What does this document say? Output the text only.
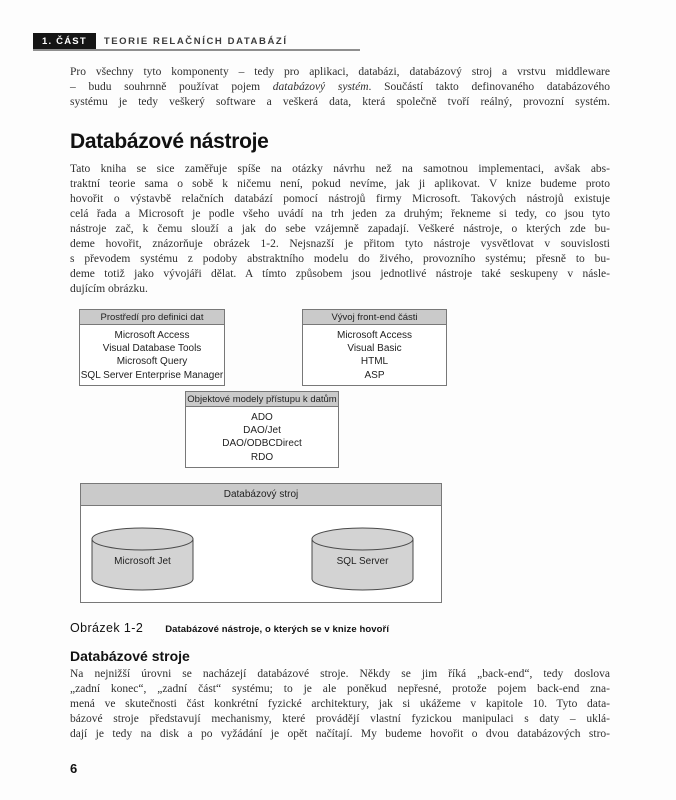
1. ČÁST	TEORIE RELAČNÍCH DATABÁZÍ
Pro všechny tyto komponenty – tedy pro aplikaci, databázi, databázový stroj a vrstvu middleware
– budu souhrnně používat pojem databázový systém. Součástí takto definovaného databázového
systému je tedy veškerý software a veškerá data, která společně tvoří reálný, provozní systém.
Databázové nástroje
Tato kniha se sice zaměřuje spíše na otázky návrhu než na samotnou implementaci, avšak abs-
traktní teorie sama o sobě k ničemu není, pokud nevíme, jak ji aplikovat. V knize budeme proto
hovořit o výstavbě relačních databází pomocí nástrojů firmy Microsoft. Takových nástrojů existuje
celá řada a Microsoft je podle všeho uvádí na trh jeden za druhým; řekneme si tedy, co jsou tyto
nástroje zač, k čemu slouží a jak do sebe vzájemně zapadají. Veškeré nástroje, o kterých zde bu-
deme hovořit, znázorňuje obrázek 1-2. Nejsnazší je přitom tyto nástroje vysvětlovat v souvislosti
s převodem systému z podoby abstraktního modelu do živého, provozního systému; přesně to bu-
deme totiž jako vývojáři dělat. A tímto způsobem jsou jednotlivé nástroje také seskupeny v násle-
dujícím obrázku.
Prostředí pro definici dat
Microsoft Access
Visual Database Tools
Microsoft Query
SQL Server Enterprise Manager
Vývoj front-end části
Microsoft Access
Visual Basic
HTML
ASP
Objektové modely přístupu k datům
ADO
DAO/Jet
DAO/ODBCDirect
RDO
Databázový stroj
Microsoft Jet	SQL Server
Obrázek 1-2 Databázové nástroje, o kterých se v knize hovoří
Databázové stroje
Na nejnižší úrovni se nacházejí databázové stroje. Někdy se jim říká „back-end“, tedy doslova
„zadní konec“, „zadní část“ systému; to je ale poněkud nepřesné, protože pojem back-end zna-
mená ve skutečnosti část konkrétní fyzické architektury, jak si ukážeme v kapitole 10. Tyto data-
bázové stroje představují mechanismy, které provádějí vlastní fyzickou manipulaci s daty – uklá-
dají je tedy na disk a po vyžádání je opět načítají. My budeme hovořit o dvou databázových stro-
6
